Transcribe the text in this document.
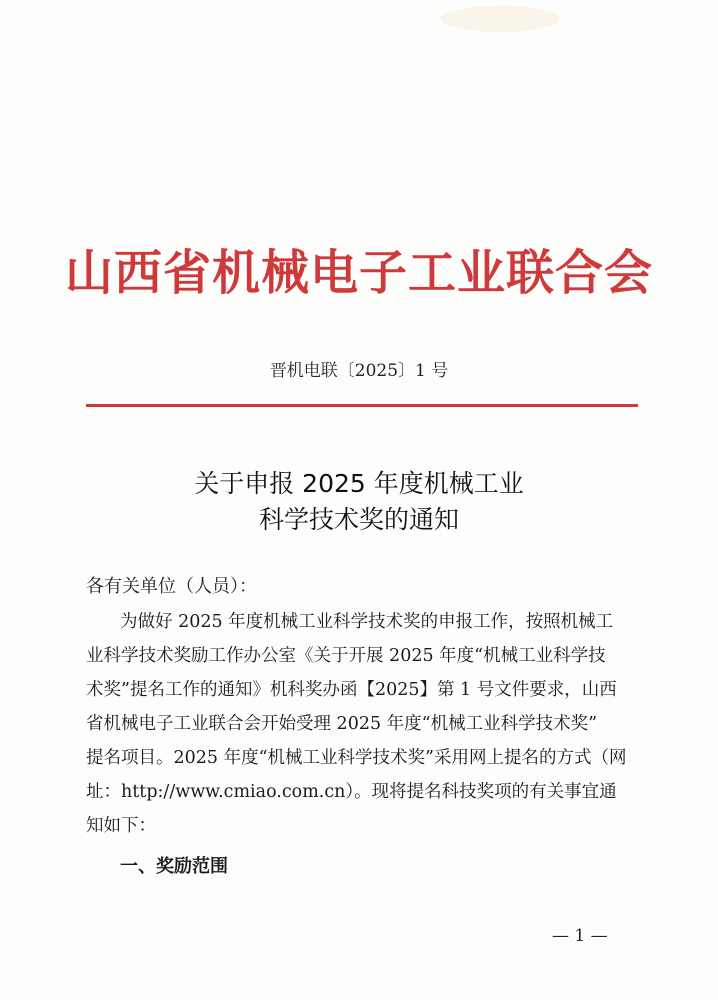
山西省机械电子工业联合会
晋机电联〔2025〕1 号
关于申报 2025 年度机械工业
科学技术奖的通知
各有关单位（人员）：
为做好 2025 年度机械工业科学技术奖的申报工作，按照机械工
业科学技术奖励工作办公室《关于开展 2025 年度“机械工业科学技
术奖”提名工作的通知》机科奖办函【2025】第 1 号文件要求，山西
省机械电子工业联合会开始受理 2025 年度“机械工业科学技术奖”
提名项目。2025 年度“机械工业科学技术奖”采用网上提名的方式（网
址：http://www.cmiao.com.cn）。现将提名科技奖项的有关事宜通
知如下：
一、奖励范围
— 1 —
